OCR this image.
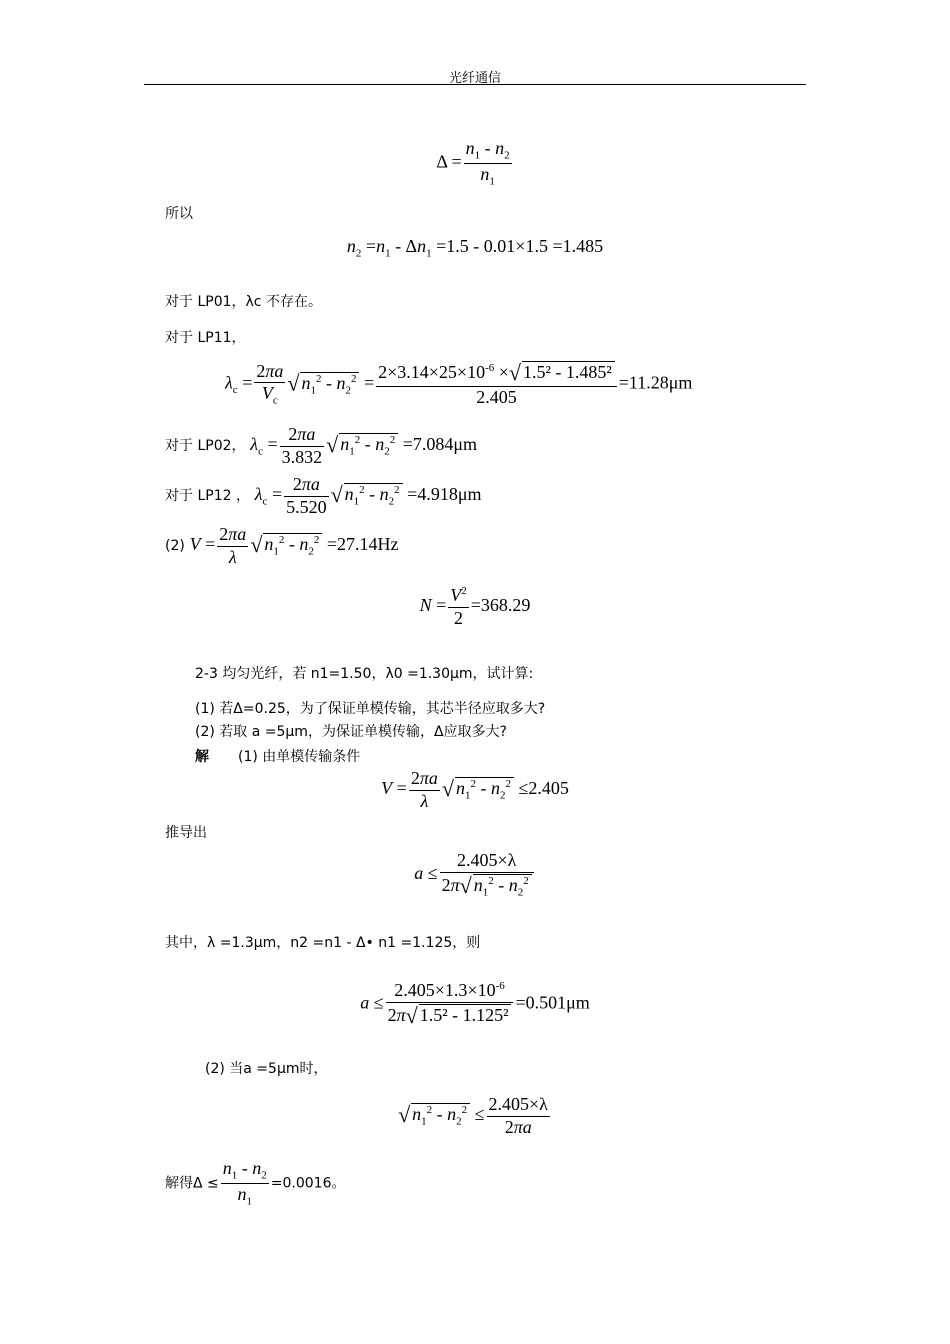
光纤通信
$\Delta = \frac{n_1 - n_2}{n_1}$
所以
$n_2 =n_1 - \Delta n_1 =1.5 - 0.01\times 1.5 =1.485$
对于 LP01，λc 不存在。
对于 LP11，
$\lambda_c = \frac{2\pi a}{V_c}$ √ $n_1^2 - n_2^2 = \frac{2\times 3.14\times 25\times 10^{-6} \times√ 1.5^2 - 1.485^2}{2.405} =11.28\mu m$
对于 LP02， $\lambda_c = \frac{2\pi a}{3.832}$ √ $n_1^2 - n_2^2 =7.084\mu m$
对于 LP12 ， $\lambda_c = \frac{2\pi a}{5.520}$ √ $n_1^2 - n_2^2 =4.918\mu m$
(2) $V = \frac{2\pi a}{\lambda}$ √ $n_1^2 - n_2^2 =27.14Hz$
$N = \frac{V^2}{2} =368.29$
2-3 均匀光纤，若 n1=1.50，λ0 =1.30μm，试计算:
(1) 若Δ=0.25，为了保证单模传输，其芯半径应取多大?
(2) 若取 a =5μm，为保证单模传输，Δ应取多大?
解 (1) 由单模传输条件
$V = \frac{2\pi a}{\lambda}$ √ $n_1^2 - n_2^2 \le 2.405$
推导出
$a \le \frac{2.405\times\lambda}{2\pi√ n_1^2 - n_2^2}$
其中，λ =1.3μm，n2 =n1 - Δ• n1 =1.125，则
$a \le \frac{2.405\times 1.3\times 10^{-6}}{\text{2π√ 1.5² - 1.125²}} =0.501\mu m$
(2) 当a =5μm时，
√ $n_1^2 - n_2^2 \le \frac{2.405\times\lambda}{2\pi a}$
解得$\Delta \le \frac{n_1 - n_2}{n_1} =0.0016$。
